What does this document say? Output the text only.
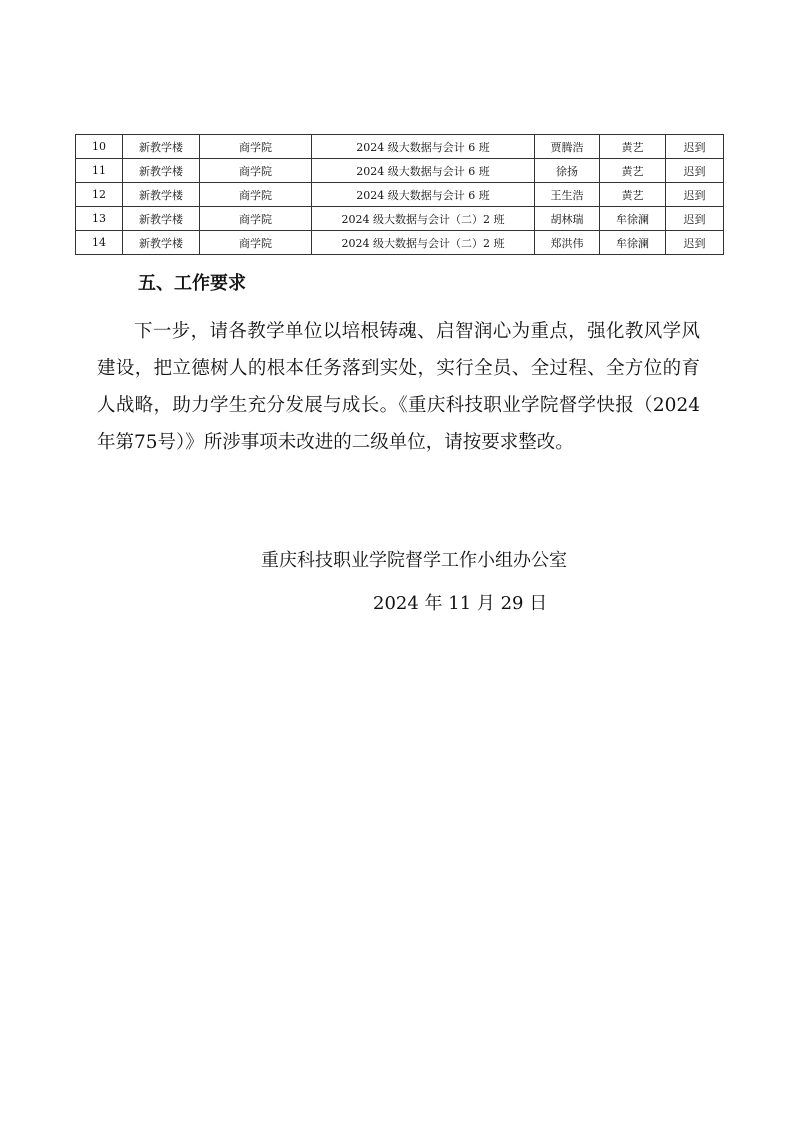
10	新教学楼	商学院	2024 级大数据与会计 6 班	贾腾浩	黄艺	迟到
11	新教学楼	商学院	2024 级大数据与会计 6 班	徐扬	黄艺	迟到
12	新教学楼	商学院	2024 级大数据与会计 6 班	王生浩	黄艺	迟到
13	新教学楼	商学院	2024 级大数据与会计（二）2 班	胡林瑞	牟徐澜	迟到
14	新教学楼	商学院	2024 级大数据与会计（二）2 班	郑洪伟	牟徐澜	迟到
五、工作要求

下一步，请各教学单位以培根铸魂、启智润心为重点，强化教风学风建设，把立德树人的根本任务落到实处，实行全员、全过程、全方位的育人战略，助力学生充分发展与成长。《重庆科技职业学院督学快报（2024年第75号）》所涉事项未改进的二级单位，请按要求整改。

重庆科技职业学院督学工作小组办公室
2024 年 11 月 29 日
